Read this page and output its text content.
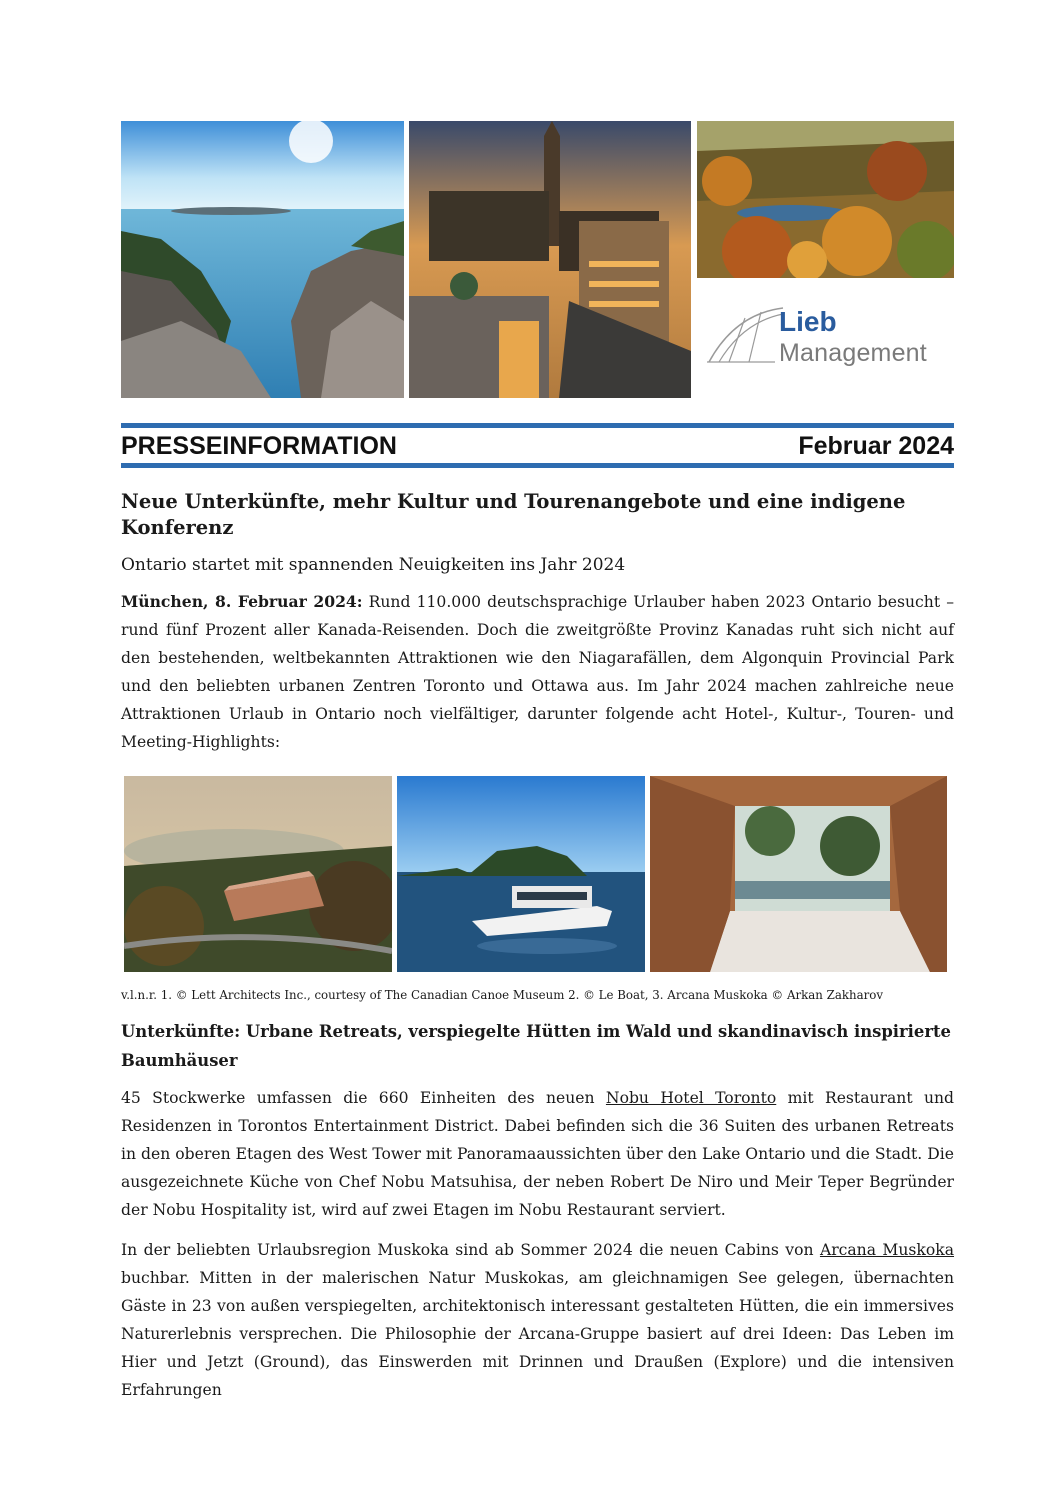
Lieb
Management
PRESSEINFORMATION	Februar 2024
Neue Unterkünfte, mehr Kultur und Tourenangebote und eine indigene Konferenz
Ontario startet mit spannenden Neuigkeiten ins Jahr 2024
München, 8. Februar 2024: Rund 110.000 deutschsprachige Urlauber haben 2023 Ontario besucht – rund fünf Prozent aller Kanada-Reisenden. Doch die zweitgrößte Provinz Kanadas ruht sich nicht auf den bestehenden, weltbekannten Attraktionen wie den Niagarafällen, dem Algonquin Provincial Park und den beliebten urbanen Zentren Toronto und Ottawa aus. Im Jahr 2024 machen zahlreiche neue Attraktionen Urlaub in Ontario noch vielfältiger, darunter folgende acht Hotel-, Kultur-, Touren- und Meeting-Highlights:
v.l.n.r. 1. © Lett Architects Inc., courtesy of The Canadian Canoe Museum 2. © Le Boat, 3. Arcana Muskoka © Arkan Zakharov
Unterkünfte: Urbane Retreats, verspiegelte Hütten im Wald und skandinavisch inspirierte Baumhäuser
45 Stockwerke umfassen die 660 Einheiten des neuen Nobu Hotel Toronto mit Restaurant und Residenzen in Torontos Entertainment District. Dabei befinden sich die 36 Suiten des urbanen Retreats in den oberen Etagen des West Tower mit Panoramaaussichten über den Lake Ontario und die Stadt. Die ausgezeichnete Küche von Chef Nobu Matsuhisa, der neben Robert De Niro und Meir Teper Begründer der Nobu Hospitality ist, wird auf zwei Etagen im Nobu Restaurant serviert.
In der beliebten Urlaubsregion Muskoka sind ab Sommer 2024 die neuen Cabins von Arcana Muskoka buchbar. Mitten in der malerischen Natur Muskokas, am gleichnamigen See gelegen, übernachten Gäste in 23 von außen verspiegelten, architektonisch interessant gestalteten Hütten, die ein immersives Naturerlebnis versprechen. Die Philosophie der Arcana-Gruppe basiert auf drei Ideen: Das Leben im Hier und Jetzt (Ground), das Einswerden mit Drinnen und Draußen (Explore) und die intensiven Erfahrungen
